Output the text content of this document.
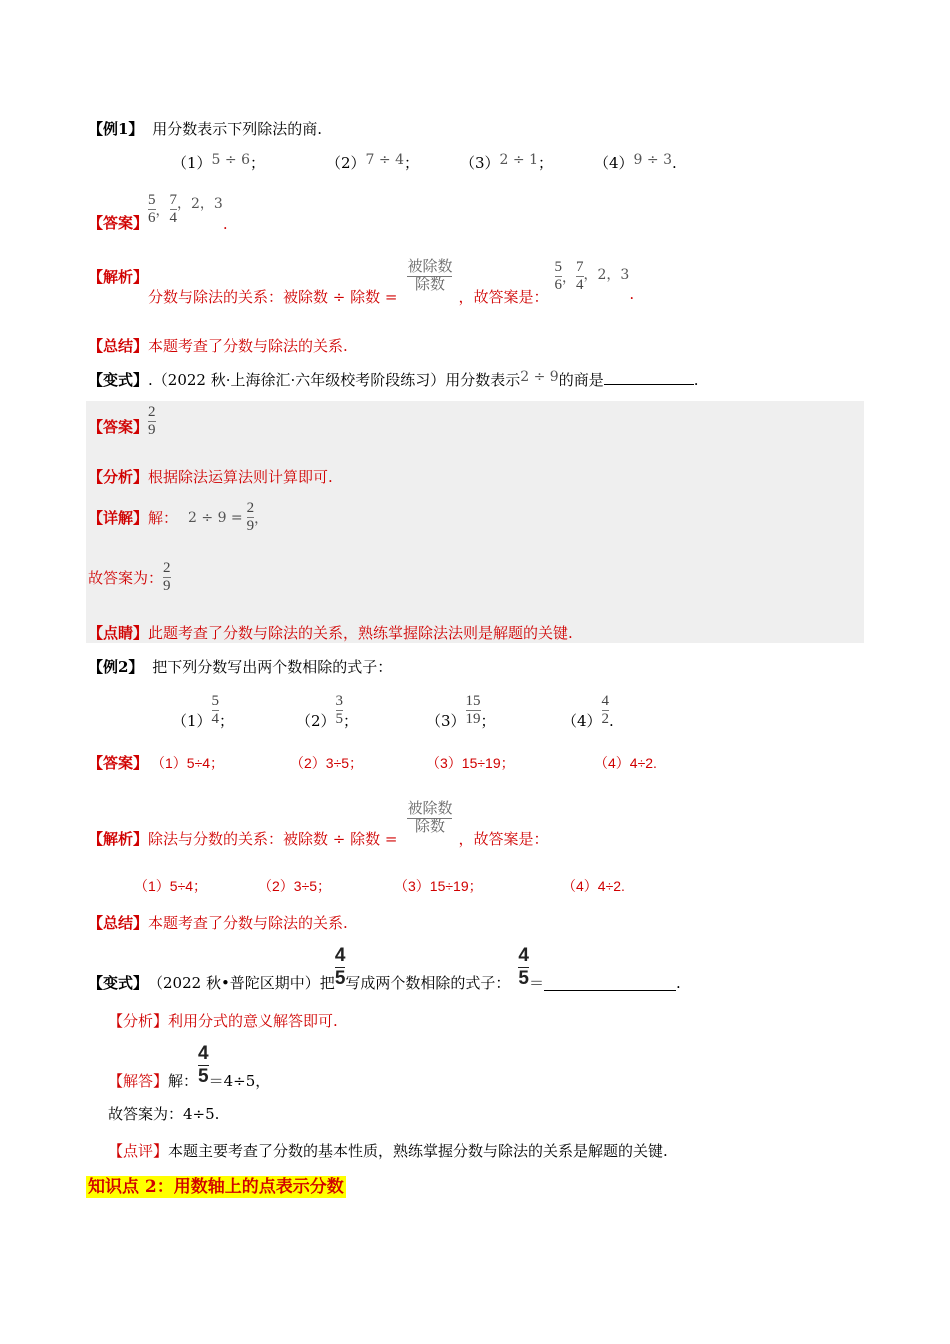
【例1】 用分数表示下列除法的商.
（1）5 ÷ 6；	（2）7 ÷ 4；	（3）2 ÷ 1；	（4）9 ÷ 3.
【答案】 $\frac{5}{6}$ ， $\frac{7}{4}$ ，2，3
.
【解析】
分数与除法的关系：被除数 ÷ 除数 =
$\frac{\text{被除数}}{\text{除数}}$
，故答案是：
$\frac{5}{6}$ ， $\frac{7}{4}$ ，2，3
.
【总结】本题考查了分数与除法的关系.
【变式】.（2022 秋·上海徐汇·六年级校考阶段练习）用分数表示2 ÷ 9的商是	.
【答案】 $\frac{2}{9}$
【分析】根据除法运算法则计算即可.
【详解】 解： $2 \div 9 = \frac{2}{9}$ ，
故答案为： $\frac{2}{9}$
【点睛】此题考查了分数与除法的关系，熟练掌握除法法则是解题的关键.
【例2】 把下列分数写出两个数相除的式子：
$(1) \frac{5}{4}$ ；	$(2) \frac{3}{5}$ ；	$(3) \frac{15}{19}$ ；	$(4) \frac{4}{2}$ .
【答案】 （1）5÷4；	（2）3÷5；	（3）15÷19；	（4）4÷2.
【解析】 除法与分数的关系：被除数 ÷ 除数 =
$\frac{\text{被除数}}{\text{除数}}$
，故答案是：
（1）5÷4；	（2）3÷5；	（3）15÷19；	（4）4÷2.
【总结】本题考查了分数与除法的关系.
【变式】 （2022 秋•普陀区期中）把 $\frac{4}{5}$ 写成两个数相除的式子： $\frac{4}{5}$ ＝	.
【分析】利用分式的意义解答即可.
【解答】 解： $\frac{4}{5} =4\div 5$，
故答案为：4÷5.
【点评】本题主要考查了分数的基本性质，熟练掌握分数与除法的关系是解题的关键.
知识点 2：用数轴上的点表示分数
